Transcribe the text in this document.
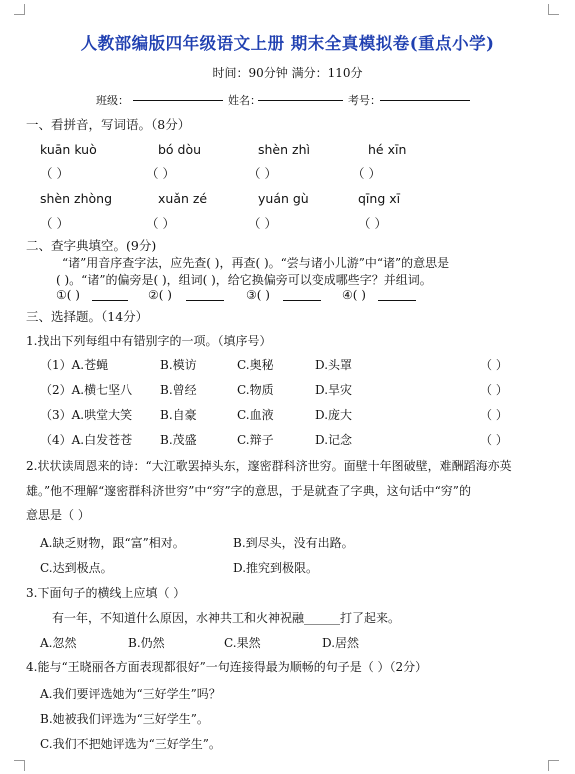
人教部编版四年级语文上册 期末全真模拟卷(重点小学)
时间：90分钟 满分：110分
班级：	姓名：	考号：
一、看拼音，写词语。（8分）
kuān kuò	bó dòu	shèn zhì	hé xīn
（ ）	（ ）	（ ）	（ ）
shèn zhòng	xuǎn zé	yuán gù	qīng xī
（ ）	（ ）	（ ）	（ ）
二、查字典填空。(9分)
“诸”用音序查字法，应先查( )，再查( )。“尝与诸小儿游”中“诸”的意思是
( )。“诸”的偏旁是( )，组词( )，给它换偏旁可以变成哪些字？并组词。
①( )	②( )	③( )	④( )
三、选择题。（14分）
1.找出下列每组中有错别字的一项。（填序号）
（1）A.苍蝇	B.模访	C.奥秘	D.头罩	（ ）
（2）A.横七坚八 B.曾经	C.物质	D.旱灾	（ ）
（3）A.哄堂大笑 B.自豪	C.血液	D.庞大	（ ）
（4）A.白发苍苍 B.茂盛	C.辩子	D.记念	（ ）
2.状状读周恩来的诗：“大江歌罢掉头东，邃密群科济世穷。面壁十年图破壁，难酬蹈海亦英
雄。”他不理解“邃密群科济世穷”中“穷”字的意思，于是就查了字典，这句话中“穷”的
意思是（ ）
A.缺乏财物，跟“富”相对。	B.到尽头，没有出路。
C.达到极点。	D.推究到极限。
3.下面句子的横线上应填（ ）
有一年，不知道什么原因，水神共工和火神祝融______打了起来。
A.忽然	B.仍然	C.果然	D.居然
4.能与“王晓丽各方面表现都很好”一句连接得最为顺畅的句子是（ ）（2分）
A.我们要评选她为“三好学生”吗？
B.她被我们评选为“三好学生”。
C.我们不把她评选为“三好学生”。
